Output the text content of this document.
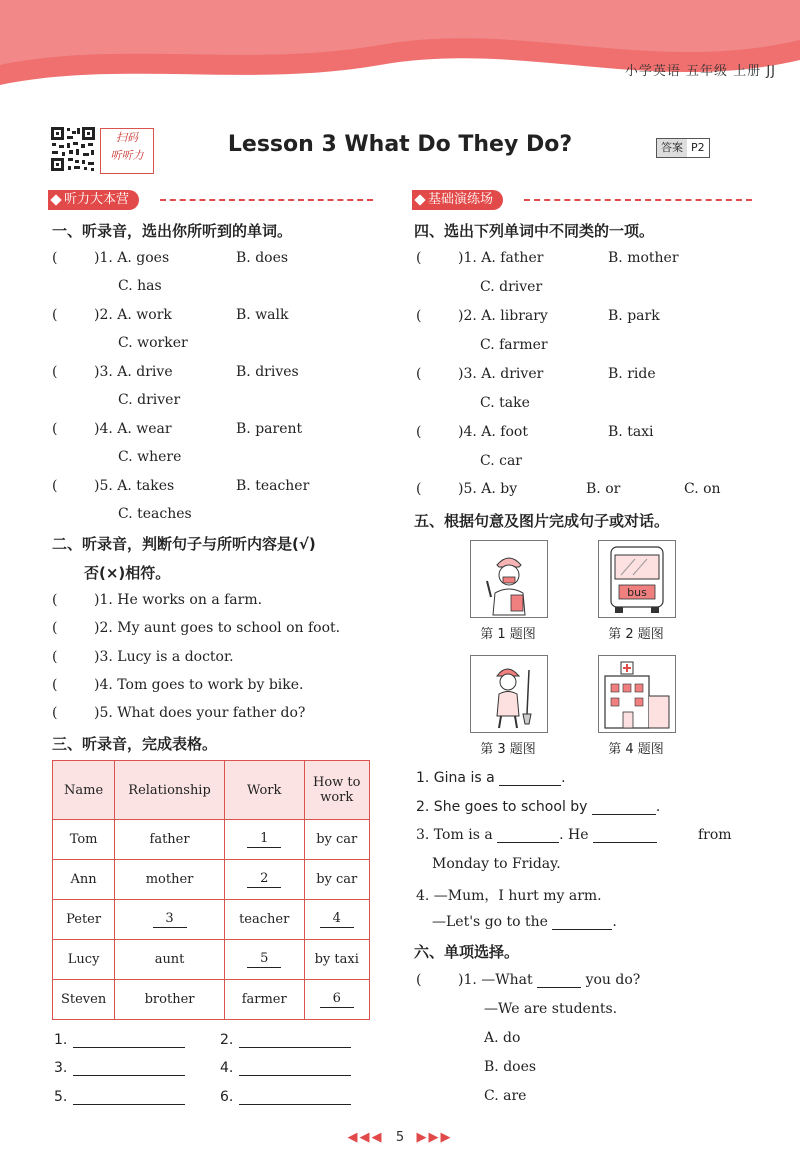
小学英语 五年级 上册 JJ
扫码
听听力	Lesson 3 What Do They Do?	答案 P2
听力大本营
一、听录音，选出你所听到的单词。
(	)1. A. goes	B. does
C. has
(	)2. A. work	B. walk
C. worker
(	)3. A. drive	B. drives
C. driver
(	)4. A. wear	B. parent
C. where
(	)5. A. takes	B. teacher
C. teaches
二、听录音，判断句子与所听内容是(√)
否(×)相符。
(	)1. He works on a farm.
(	)2. My aunt goes to school on foot.
(	)3. Lucy is a doctor.
(	)4. Tom goes to work by bike.
(	)5. What does your father do?
三、听录音，完成表格。
Name	Relationship	Work	How to
work

Tom	father	1	by car
Ann	mother	2	by car
Peter	3	teacher	4
Lucy	aunt	5	by taxi
Steven	brother	farmer	6
1.	2.
3.	4.
5.	6.
基础演练场
四、选出下列单词中不同类的一项。
(	)1. A. father	B. mother
C. driver
(	)2. A. library	B. park
C. farmer
(	)3. A. driver	B. ride
C. take
(	)4. A. foot	B. taxi
C. car
(	)5. A. by	B. or	C. on
五、根据句意及图片完成句子或对话。
第 1 题图
bus
第 2 题图
第 3 题图	第 4 题图
1. Gina is a	.
2. She goes to school by	.
3. Tom is a	. He	from
Monday to Friday.
4. —Mum，I hurt my arm.
—Let's go to the	.
六、单项选择。
(	)1. —What	you do?
—We are students.
A. do
B. does
C. are
◀◀◀ 5 ▶▶▶
